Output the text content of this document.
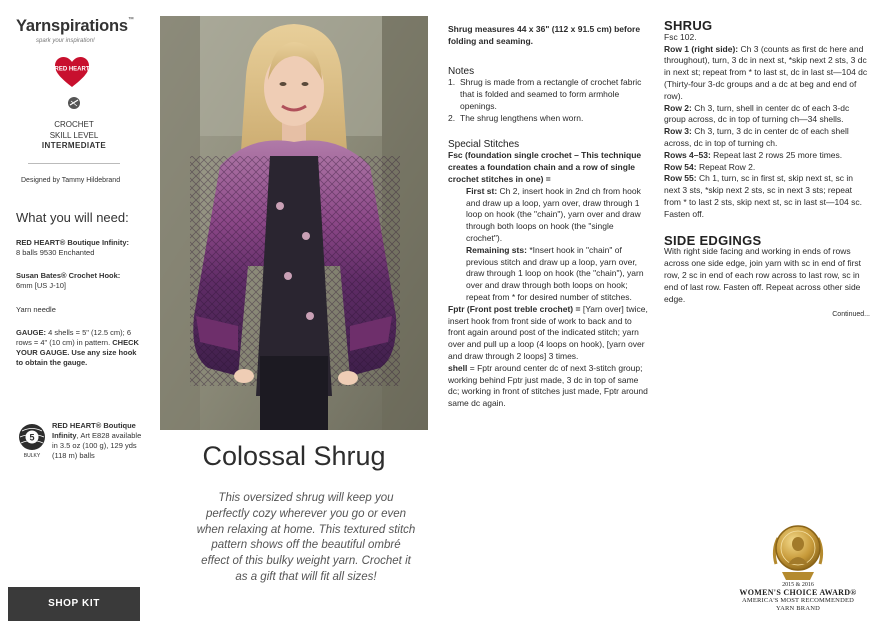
Yarnspirations™
spark your inspiration!
RED HEART
CROCHET
SKILL LEVEL
INTERMEDIATE
Designed by Tammy Hildebrand
What you will need:
RED HEART® Boutique Infinity:
8 balls 9530 Enchanted
Susan Bates® Crochet Hook:
6mm [US J-10]
Yarn needle
GAUGE: 4 shells = 5" (12.5 cm); 6 rows = 4" (10 cm) in pattern. CHECK YOUR GAUGE. Use any size hook to obtain the gauge.
5
BULKY
RED HEART® Boutique Infinity, Art E828 available in 3.5 oz (100 g), 129 yds (118 m) balls
SHOP KIT
Colossal Shrug
This oversized shrug will keep you perfectly cozy wherever you go or even when relaxing at home. This textured stitch pattern shows off the beautiful ombré effect of this bulky weight yarn. Crochet it as a gift that will fit all sizes!
Shrug measures 44 x 36" (112 x 91.5 cm) before folding and seaming.
Notes
1. Shrug is made from a rectangle of crochet fabric that is folded and seamed to form armhole openings.
2. The shrug lengthens when worn.
Special Stitches
Fsc (foundation single crochet – This technique creates a foundation chain and a row of single crochet stitches in one) =
First st: Ch 2, insert hook in 2nd ch from hook and draw up a loop, yarn over, draw through 1 loop on hook (the "chain"), yarn over and draw through both loops on hook (the "single crochet").
Remaining sts: *Insert hook in "chain" of previous stitch and draw up a loop, yarn over, draw through 1 loop on hook (the "chain"), yarn over and draw through both loops on hook; repeat from * for desired number of stitches.
Fptr (Front post treble crochet) = [Yarn over] twice, insert hook from front side of work to back and to front again around post of the indicated stitch; yarn over and pull up a loop (4 loops on hook), [yarn over and draw through 2 loops] 3 times.
shell = Fptr around center dc of next 3-stitch group; working behind Fptr just made, 3 dc in top of same dc; working in front of stitches just made, Fptr around same dc again.
SHRUG
Fsc 102.
Row 1 (right side): Ch 3 (counts as first dc here and throughout), turn, 3 dc in next st, *skip next 2 sts, 3 dc in next st; repeat from * to last st, dc in last st—104 dc (Thirty-four 3-dc groups and a dc at beg and end of row).
Row 2: Ch 3, turn, shell in center dc of each 3-dc group across, dc in top of turning ch—34 shells.
Row 3: Ch 3, turn, 3 dc in center dc of each shell across, dc in top of turning ch.
Rows 4–53: Repeat last 2 rows 25 more times.
Row 54: Repeat Row 2.
Row 55: Ch 1, turn, sc in first st, skip next st, sc in next 3 sts, *skip next 2 sts, sc in next 3 sts; repeat from * to last 2 sts, skip next st, sc in last st—104 sc.
Fasten off.
SIDE EDGINGS
With right side facing and working in ends of rows across one side edge, join yarn with sc in end of first row, 2 sc in end of each row across to last row, sc in end of last row. Fasten off. Repeat across other side edge.
Continued...
2015 & 2016
WOMEN'S CHOICE AWARD®
AMERICA'S MOST RECOMMENDED
YARN BRAND
